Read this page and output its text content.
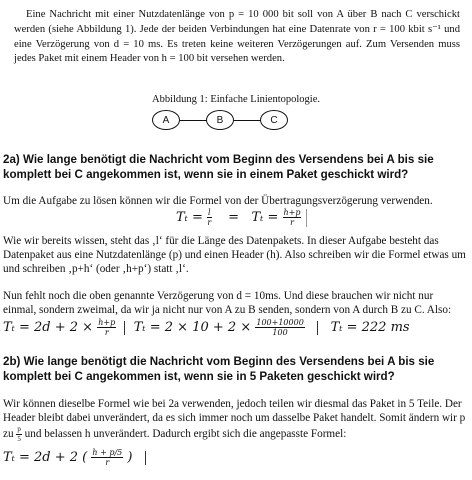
Eine Nachricht mit einer Nutzdatenlänge von p = 10 000 bit soll von A über B nach C verschickt werden (siehe Abbildung 1). Jede der beiden Verbindungen hat eine Datenrate von r = 100 kbit s⁻¹ und eine Verzögerung von d = 10 ms. Es treten keine weiteren Verzögerungen auf. Zum Versenden muss jedes Paket mit einem Header von h = 100 bit versehen werden.

Abbildung 1: Einfache Linientopologie.
A	B	C
2a) Wie lange benötigt die Nachricht vom Beginn des Versendens bei A bis sie komplett bei C angekommen ist, wenn sie in einem Paket geschickt wird?
Um die Aufgabe zu lösen können wir die Formel von der Übertragungsverzögerung verwenden.
$T_t = \frac{l}{r} = T_t = \frac{h+p}{r}$

Wie wir bereits wissen, steht das ‚l‘ für die Länge des Datenpakets. In dieser Aufgabe besteht das Datenpaket aus eine Nutzdatenlänge (p) und einen Header (h). Also schreiben wir die Formel etwas um und schreiben ‚p+h‘ (oder ‚h+p‘) statt ‚l‘.
Nun fehlt noch die oben genannte Verzögerung von d = 10ms. Und diese brauchen wir nicht nur einmal, sondern zweimal, da wir ja nicht nur von A zu B senden, sondern von A durch B zu C. Also:
$T_t = 2d + 2 \times \frac{h+p}{r}$ $T_t = 2 \times 10 + 2 \times \frac{100+10000}{100}$ Tₜ = 222 ms
2b) Wie lange benötigt die Nachricht vom Beginn des Versendens bei A bis sie komplett bei C angekommen ist, wenn sie in 5 Paketen geschickt wird?
Wir können dieselbe Formel wie bei 2a verwenden, jedoch teilen wir diesmal das Paket in 5 Teile. Der Header bleibt dabei unverändert, da es sich immer noch um dasselbe Paket handelt. Somit ändern wir p zu $\frac{p}{5}$ und belassen h unverändert. Dadurch ergibt sich die angepasste Formel:
Tₜ = 2d + 2 ( $\frac{h + p/5}{r}$ )
